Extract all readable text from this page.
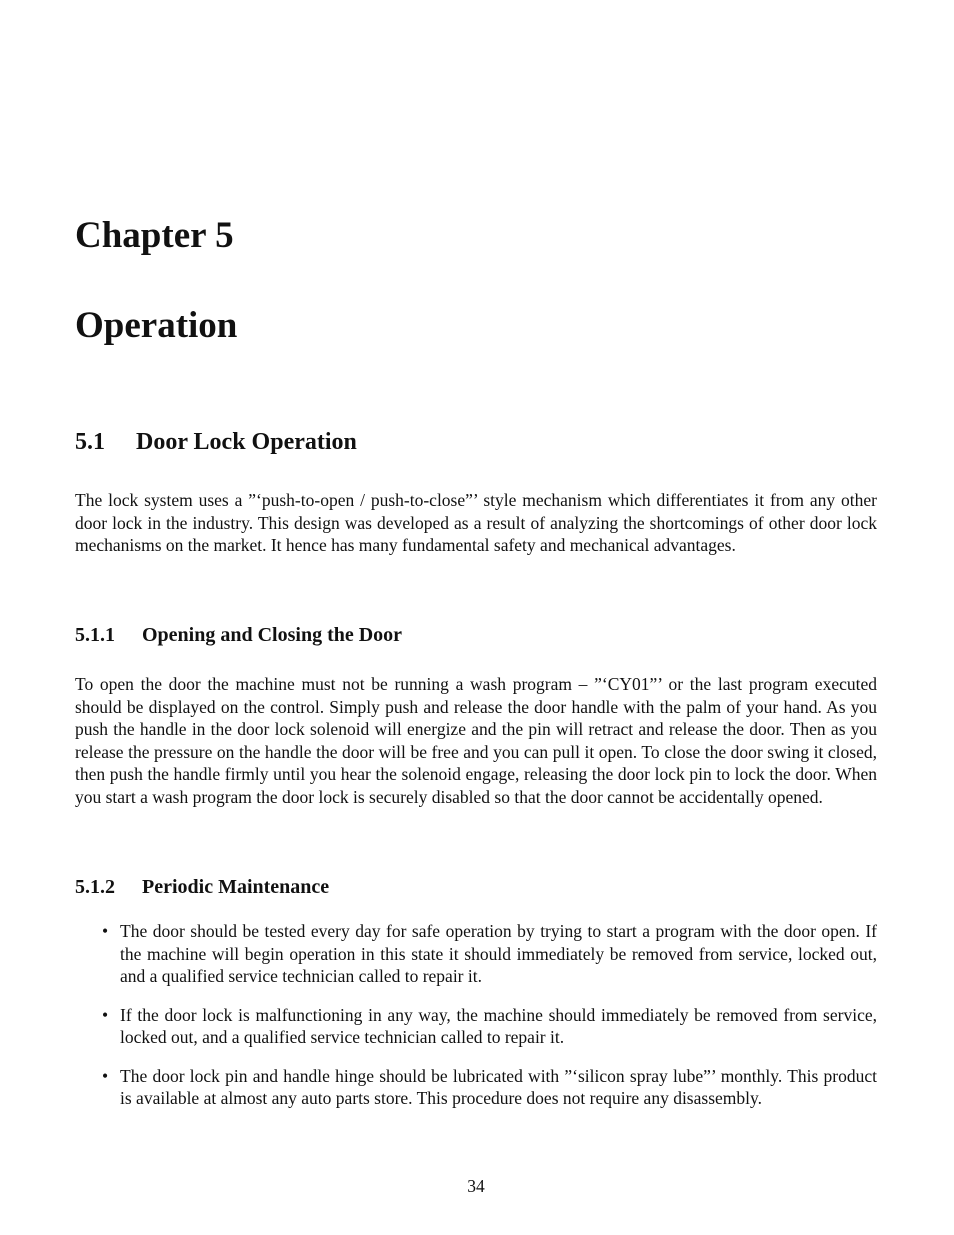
Chapter 5
Operation
5.1 Door Lock Operation

The lock system uses a ”‘push-to-open / push-to-close”’ style mechanism which differentiates it from any other door lock in the industry. This design was developed as a result of analyzing the shortcomings of other door lock mechanisms on the market. It hence has many fundamental safety and mechanical advantages.

5.1.1 Opening and Closing the Door

To open the door the machine must not be running a wash program – ”‘CY01”’ or the last program executed should be displayed on the control. Simply push and release the door handle with the palm of your hand. As you push the handle in the door lock solenoid will energize and the pin will retract and release the door. Then as you release the pressure on the handle the door will be free and you can pull it open. To close the door swing it closed, then push the handle firmly until you hear the solenoid engage, releasing the door lock pin to lock the door. When you start a wash program the door lock is securely disabled so that the door cannot be accidentally opened.

5.1.2 Periodic Maintenance
• The door should be tested every day for safe operation by trying to start a program with the door open. If the machine will begin operation in this state it should immediately be removed from service, locked out, and a qualified service technician called to repair it.
• If the door lock is malfunctioning in any way, the machine should immediately be removed from service, locked out, and a qualified service technician called to repair it.
• The door lock pin and handle hinge should be lubricated with ”‘silicon spray lube”’ monthly. This product is available at almost any auto parts store. This procedure does not require any disassembly.
34
